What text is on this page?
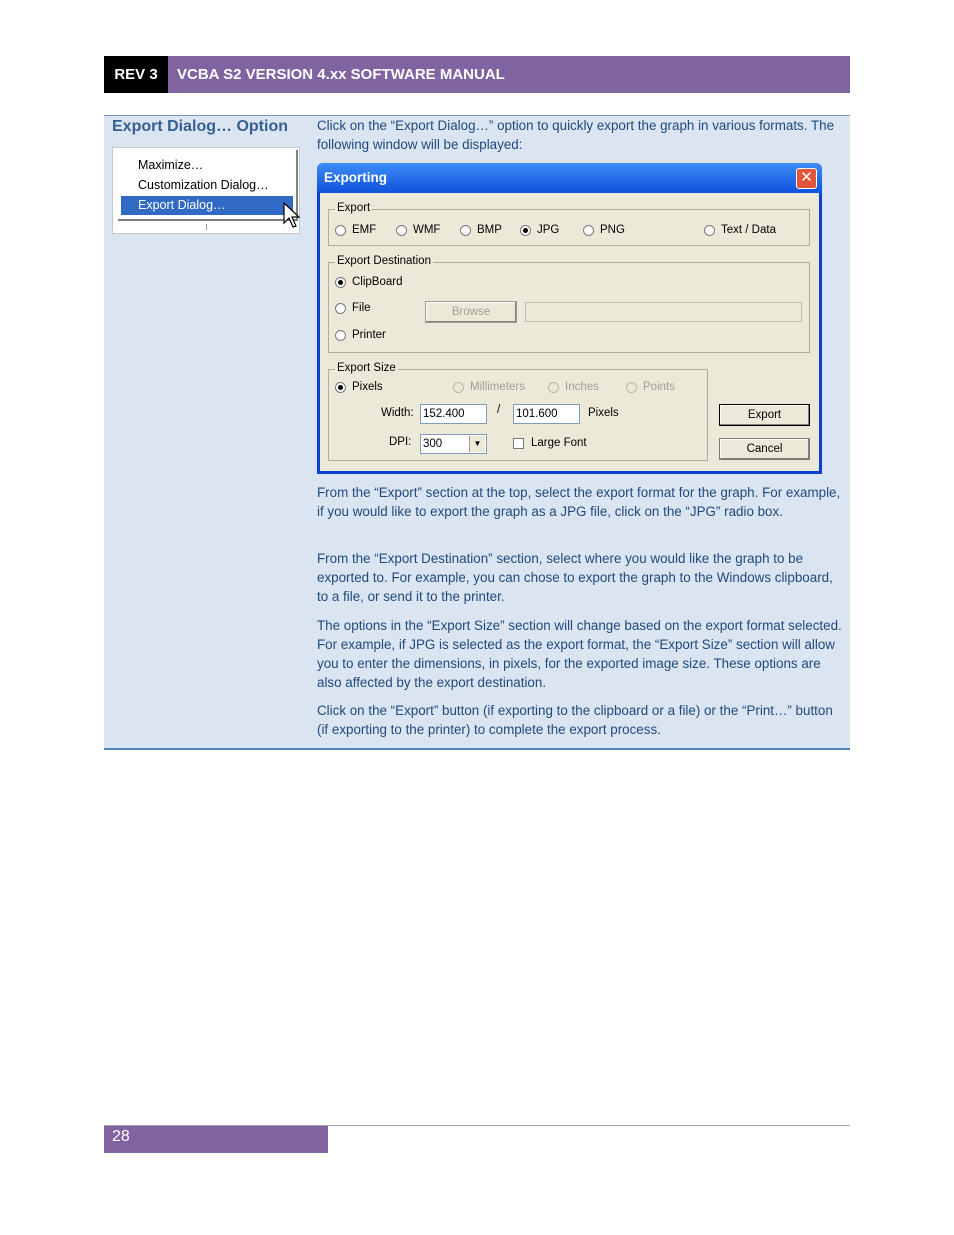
REV 3	VCBA S2 VERSION 4.xx SOFTWARE MANUAL
Export Dialog… Option
Maximize…
Customization Dialog…
Export Dialog…
Click on the “Export Dialog…” option to quickly export the graph in various formats. The following window will be displayed:
Exporting	✕
Export
EMF	WMF	BMP	JPG	PNG	Text / Data
Export Destination
ClipBoard
File
Printer
Browse
Export Size
Pixels	Millimeters	Inches	Points
Width: 152.400	/ 101.600	Pixels
DPI: 300	▼	Large Font
Export
Cancel
From the “Export” section at the top, select the export format for the graph. For example, if you would like to export the graph as a JPG file, click on the “JPG” radio box.
From the “Export Destination” section, select where you would like the graph to be exported to. For example, you can chose to export the graph to the Windows clipboard, to a file, or send it to the printer.
The options in the “Export Size” section will change based on the export format selected. For example, if JPG is selected as the export format, the “Export Size” section will allow you to enter the dimensions, in pixels, for the exported image size. These options are also affected by the export destination.
Click on the “Export” button (if exporting to the clipboard or a file) or the “Print…” button (if exporting to the printer) to complete the export process.
28
